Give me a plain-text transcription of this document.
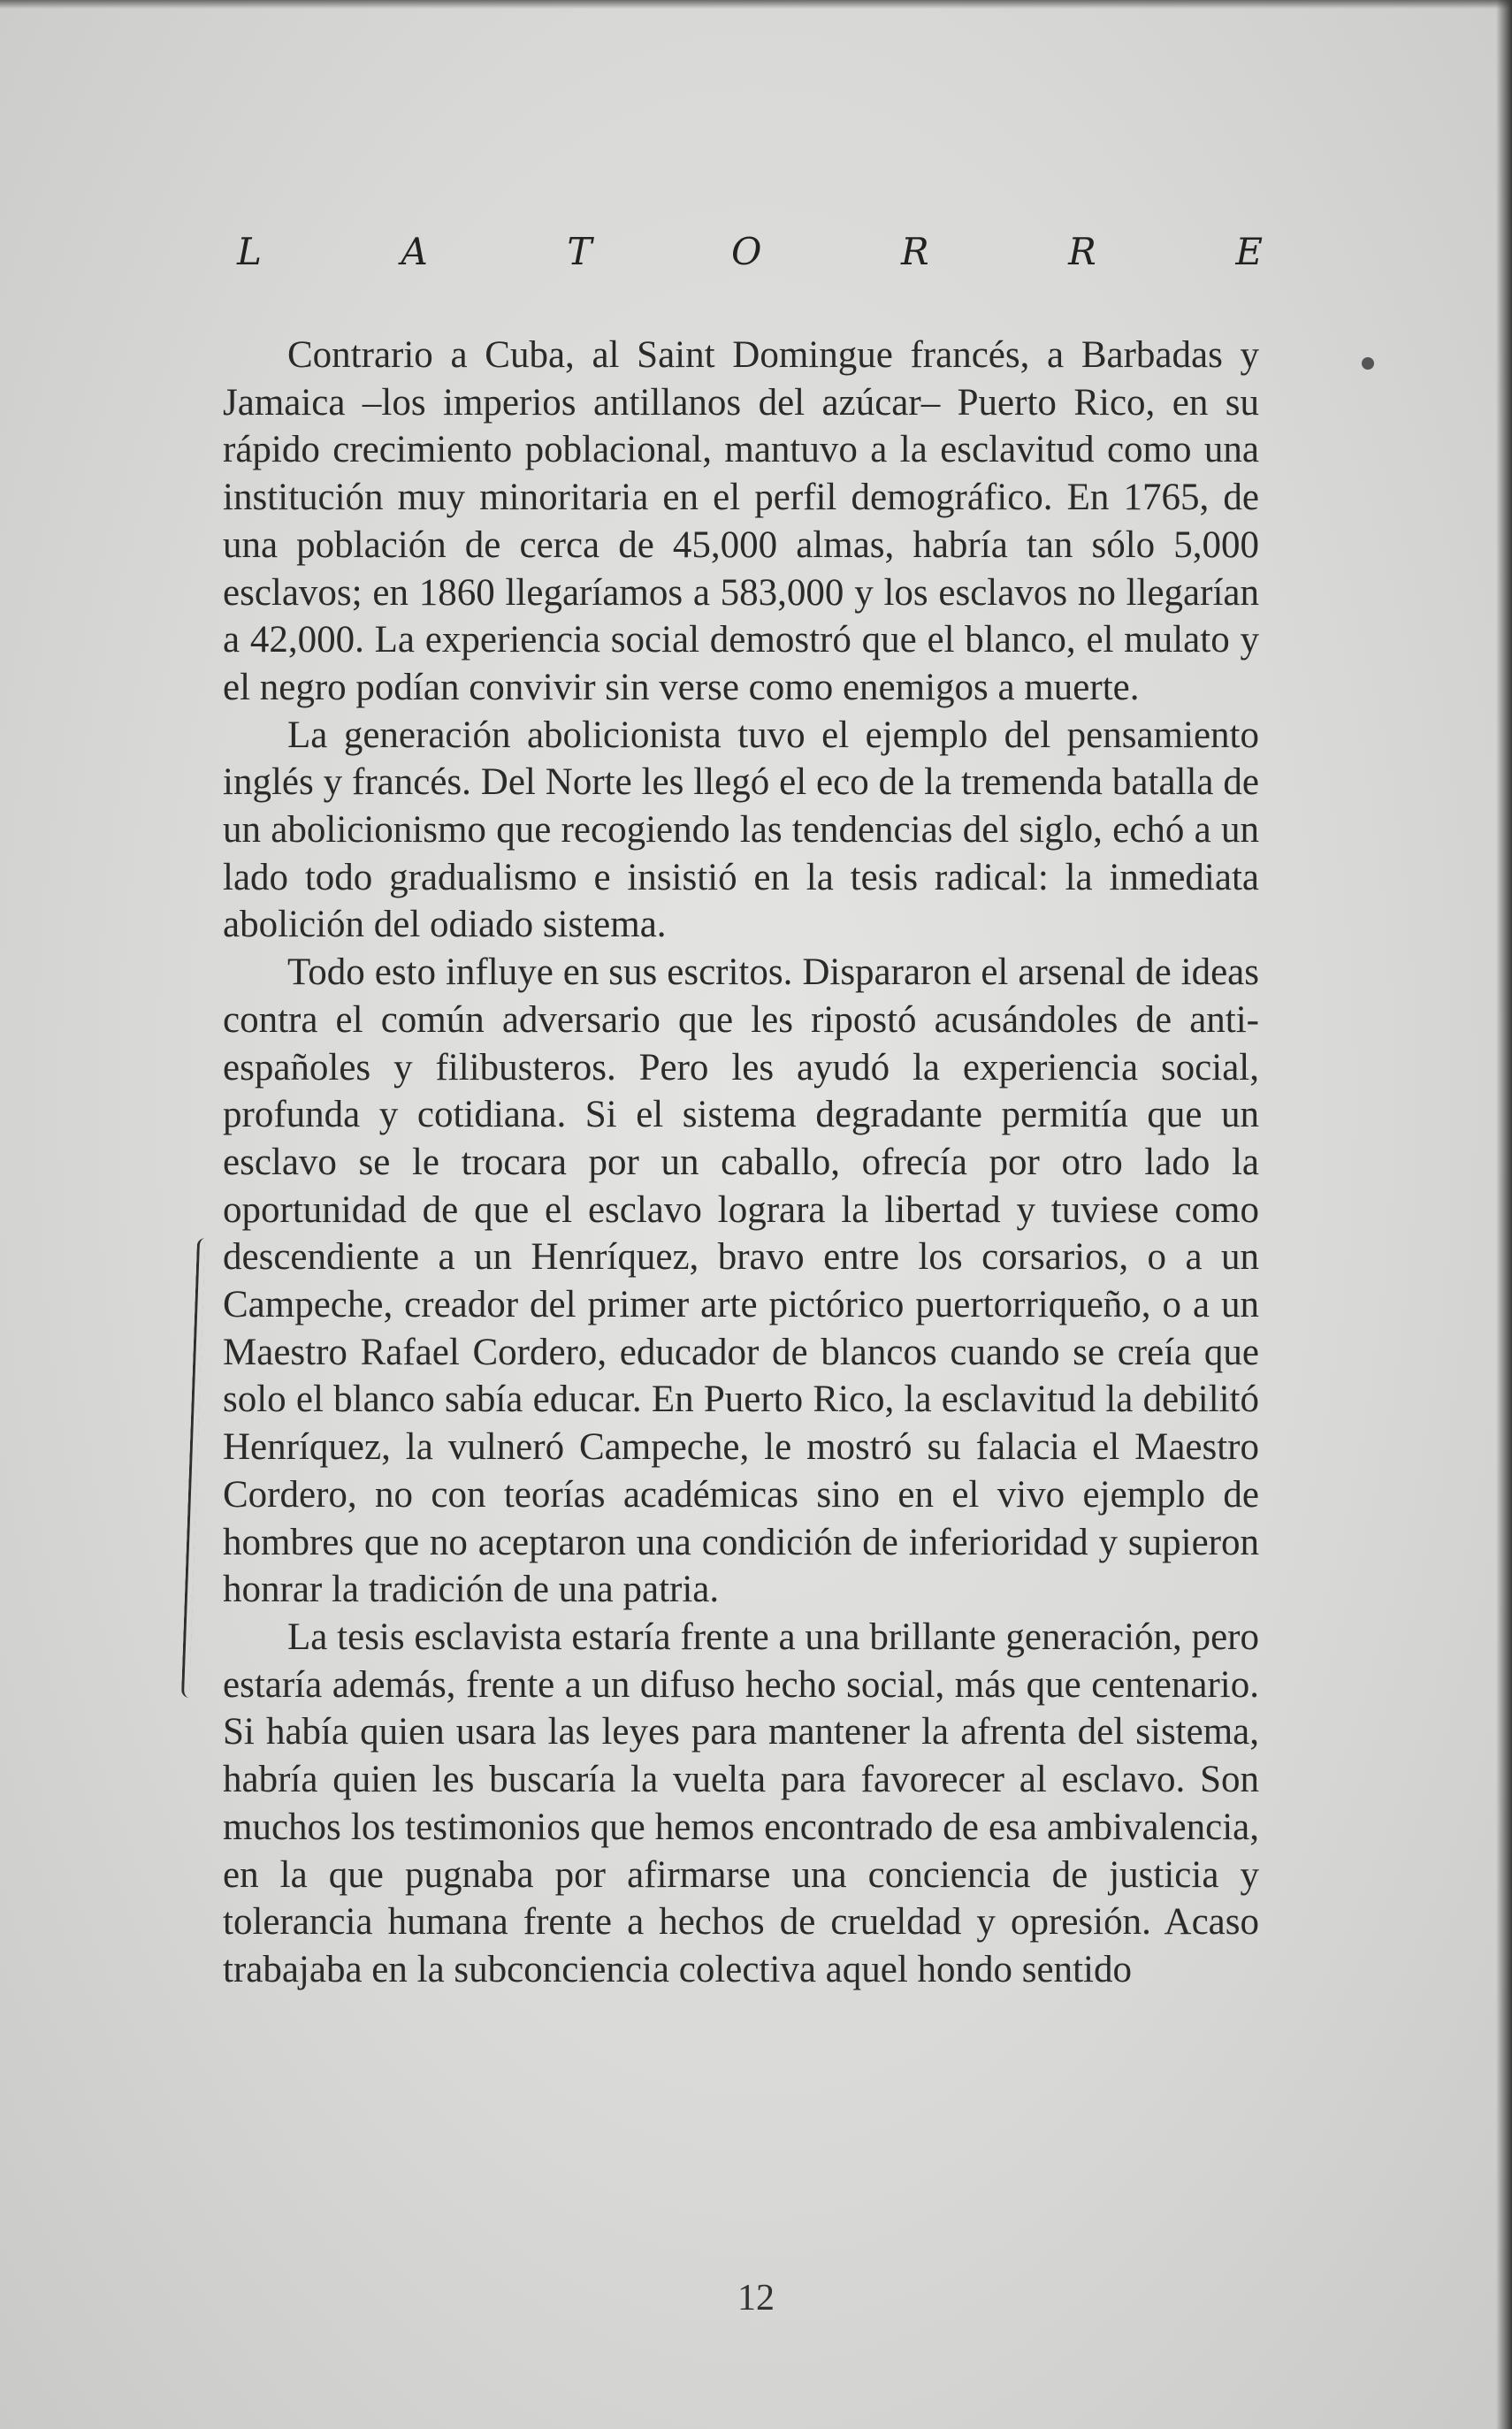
L	A	T	O	R	R	E

Contrario a Cuba, al Saint Domingue francés, a Barbadas y Jamaica –los imperios antillanos del azúcar– Puerto Rico, en su rápido crecimiento poblacional, mantuvo a la esclavitud como una institución muy minoritaria en el perfil demográfico. En 1765, de una población de cerca de 45,000 almas, habría tan sólo 5,000 esclavos; en 1860 llegaríamos a 583,000 y los esclavos no llegarían a 42,000. La experiencia social demostró que el blanco, el mulato y el negro podían convivir sin verse como enemigos a muerte.

La generación abolicionista tuvo el ejemplo del pensamiento inglés y francés. Del Norte les llegó el eco de la tremenda batalla de un abolicionismo que recogiendo las tendencias del siglo, echó a un lado todo gradualismo e insistió en la tesis radical: la inmediata abolición del odiado sistema.

Todo esto influye en sus escritos. Dispararon el arsenal de ideas contra el común adversario que les ripostó acusándoles de anti-españoles y filibusteros. Pero les ayudó la experiencia social, profunda y cotidiana. Si el sistema degradante permitía que un esclavo se le trocara por un caballo, ofrecía por otro lado la oportunidad de que el esclavo lograra la libertad y tuviese como descendiente a un Henríquez, bravo entre los corsarios, o a un Campeche, creador del primer arte pictórico puertorriqueño, o a un Maestro Rafael Cordero, educador de blancos cuando se creía que solo el blanco sabía educar. En Puerto Rico, la esclavitud la debilitó Henríquez, la vulneró Campeche, le mostró su falacia el Maestro Cordero, no con teorías académicas sino en el vivo ejemplo de hombres que no aceptaron una condición de inferioridad y supieron honrar la tradición de una patria.

La tesis esclavista estaría frente a una brillante generación, pero estaría además, frente a un difuso hecho social, más que centenario. Si había quien usara las leyes para mantener la afrenta del sistema, habría quien les buscaría la vuelta para favorecer al esclavo. Son muchos los testimonios que hemos encontrado de esa ambivalencia, en la que pugnaba por afirmarse una conciencia de justicia y tolerancia humana frente a hechos de crueldad y opresión. Acaso trabajaba en la subconciencia colectiva aquel hondo sentido

12
